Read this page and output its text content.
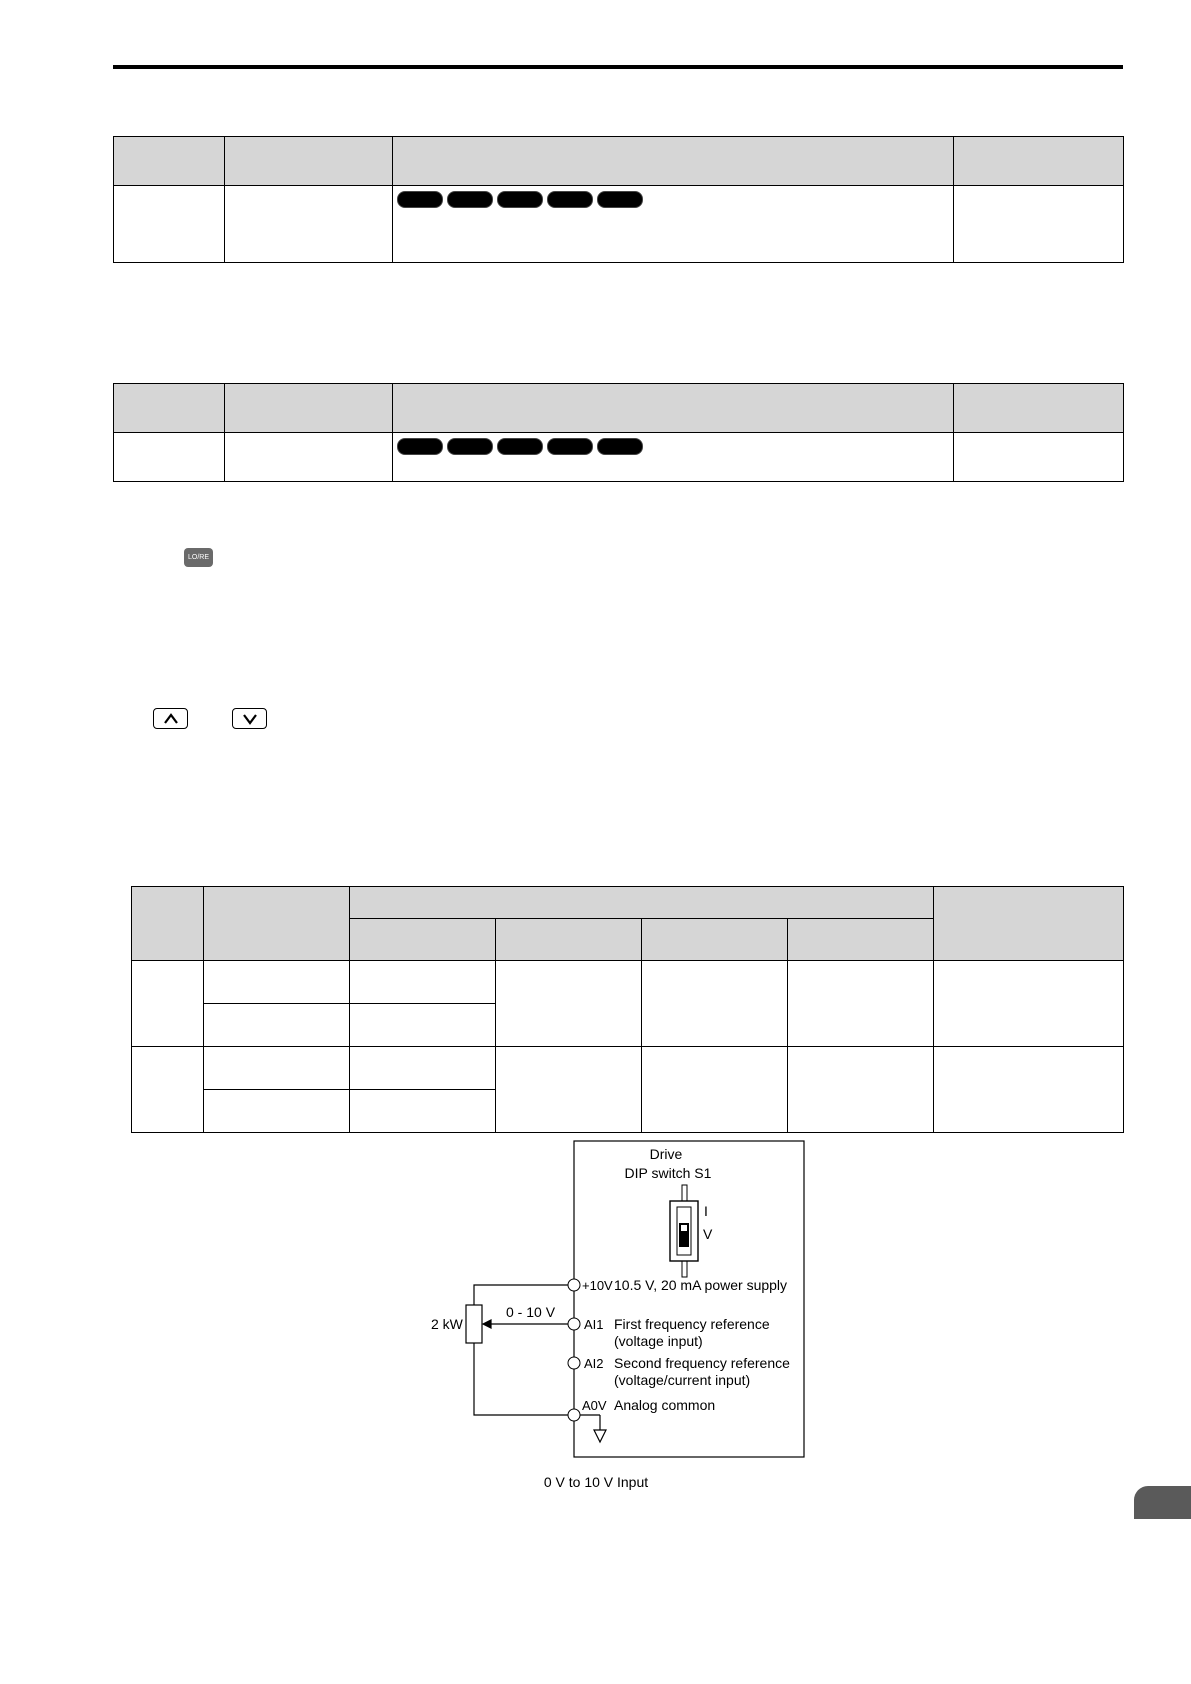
LO/RE

Drive
DIP switch S1
I
V
+10V
AI1
AI2
A0V
10.5 V, 20 mA power supply
First frequency reference
(voltage input)
Second frequency reference
(voltage/current input)
Analog common
2 kW
0 - 10 V
0 V to 10 V Input
